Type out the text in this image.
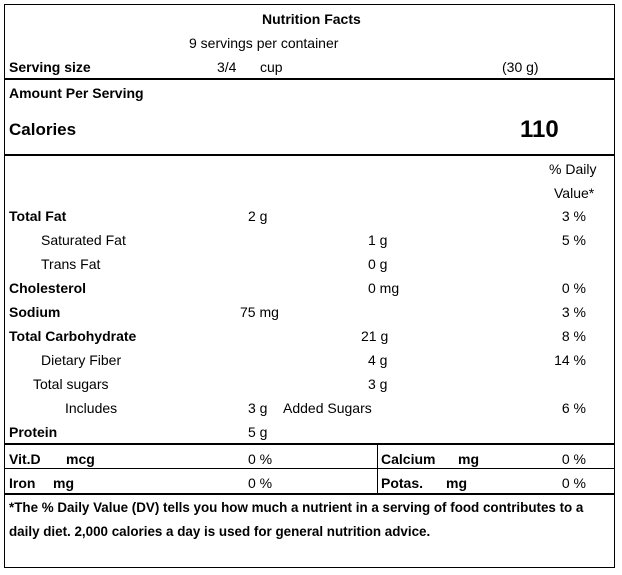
Nutrition Facts
9 servings per container
Serving size	3/4 cup	(30 g)
Amount Per Serving
Calories	110
% Daily
Value*
Total Fat	2 g	3 %
Saturated Fat	1 g	5 %
Trans Fat	0 g
Cholesterol	0 mg	0 %
Sodium	75 mg	3 %
Total Carbohydrate	21 g	8 %
Dietary Fiber	4 g	14 %
Total sugars	3 g
Includes	3 g Added Sugars	6 %
Protein	5 g
Vit.D mcg	0 %	Calcium mg	0 %
Iron mg	0 %	Potas. mg	0 %
*The % Daily Value (DV) tells you how much a nutrient in a serving of food contributes to a
daily diet. 2,000 calories a day is used for general nutrition advice.
